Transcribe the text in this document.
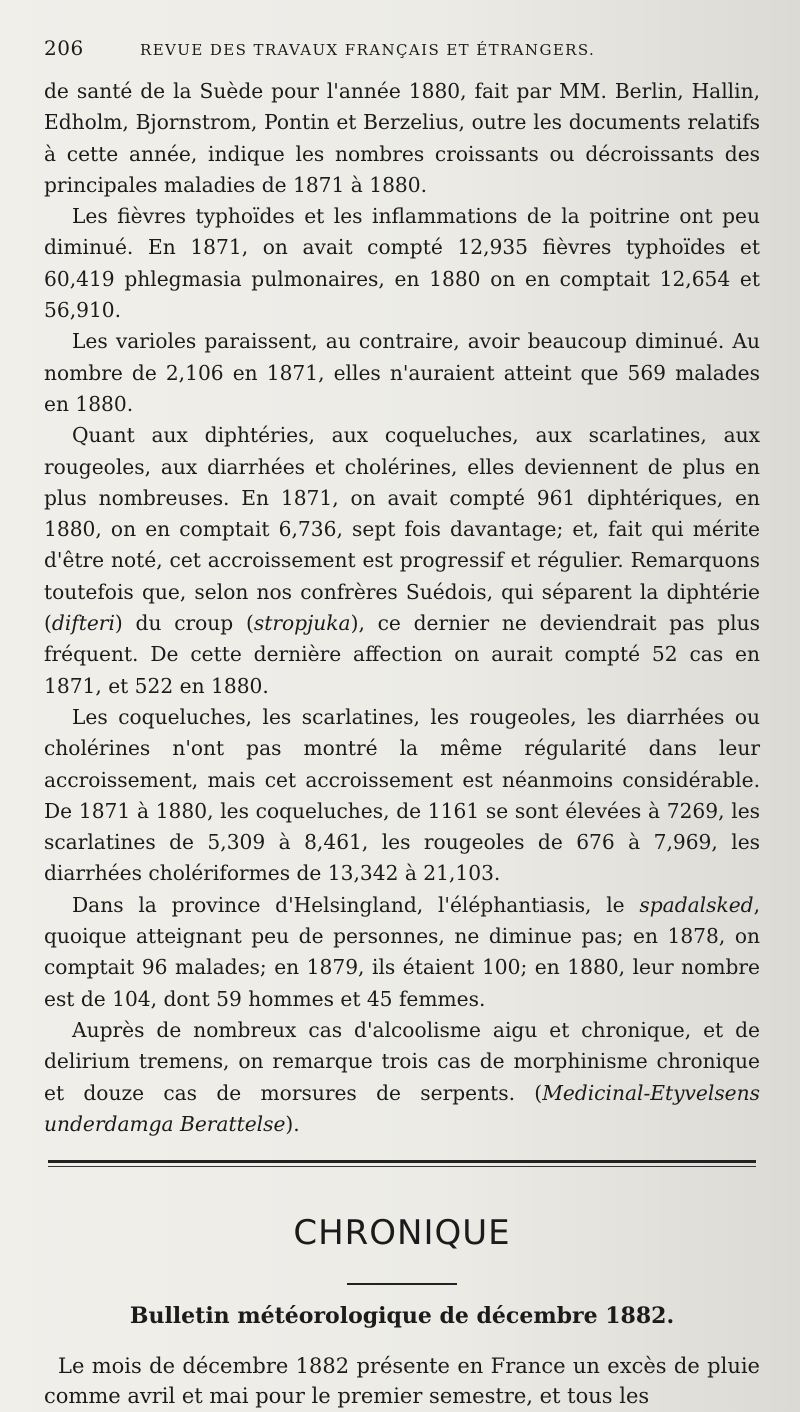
206	REVUE DES TRAVAUX FRANÇAIS ET ÉTRANGERS.

de santé de la Suède pour l'année 1880, fait par MM. Berlin, Hallin, Edholm, Bjornstrom, Pontin et Berzelius, outre les documents relatifs à cette année, indique les nombres croissants ou décroissants des principales maladies de 1871 à 1880.

Les fièvres typhoïdes et les inflammations de la poitrine ont peu diminué. En 1871, on avait compté 12,935 fièvres typhoïdes et 60,419 phlegmasia pulmonaires, en 1880 on en comptait 12,654 et 56,910.

Les varioles paraissent, au contraire, avoir beaucoup diminué. Au nombre de 2,106 en 1871, elles n'auraient atteint que 569 malades en 1880.

Quant aux diphtéries, aux coqueluches, aux scarlatines, aux rougeoles, aux diarrhées et cholérines, elles deviennent de plus en plus nombreuses. En 1871, on avait compté 961 diphtériques, en 1880, on en comptait 6,736, sept fois davantage; et, fait qui mérite d'être noté, cet accroissement est progressif et régulier. Remarquons toutefois que, selon nos confrères Suédois, qui séparent la diphtérie (difteri) du croup (stropjuka), ce dernier ne deviendrait pas plus fréquent. De cette dernière affection on aurait compté 52 cas en 1871, et 522 en 1880.

Les coqueluches, les scarlatines, les rougeoles, les diarrhées ou cholérines n'ont pas montré la même régularité dans leur accroissement, mais cet accroissement est néanmoins considérable. De 1871 à 1880, les coqueluches, de 1161 se sont élevées à 7269, les scarlatines de 5,309 à 8,461, les rougeoles de 676 à 7,969, les diarrhées cholériformes de 13,342 à 21,103.

Dans la province d'Helsingland, l'éléphantiasis, le spadalsked, quoique atteignant peu de personnes, ne diminue pas; en 1878, on comptait 96 malades; en 1879, ils étaient 100; en 1880, leur nombre est de 104, dont 59 hommes et 45 femmes.

Auprès de nombreux cas d'alcoolisme aigu et chronique, et de delirium tremens, on remarque trois cas de morphinisme chronique et douze cas de morsures de serpents. (Medicinal-Etyvelsens underdamga Berattelse).

CHRONIQUE
Bulletin météorologique de décembre 1882.

Le mois de décembre 1882 présente en France un excès de pluie comme avril et mai pour le premier semestre, et tous les
